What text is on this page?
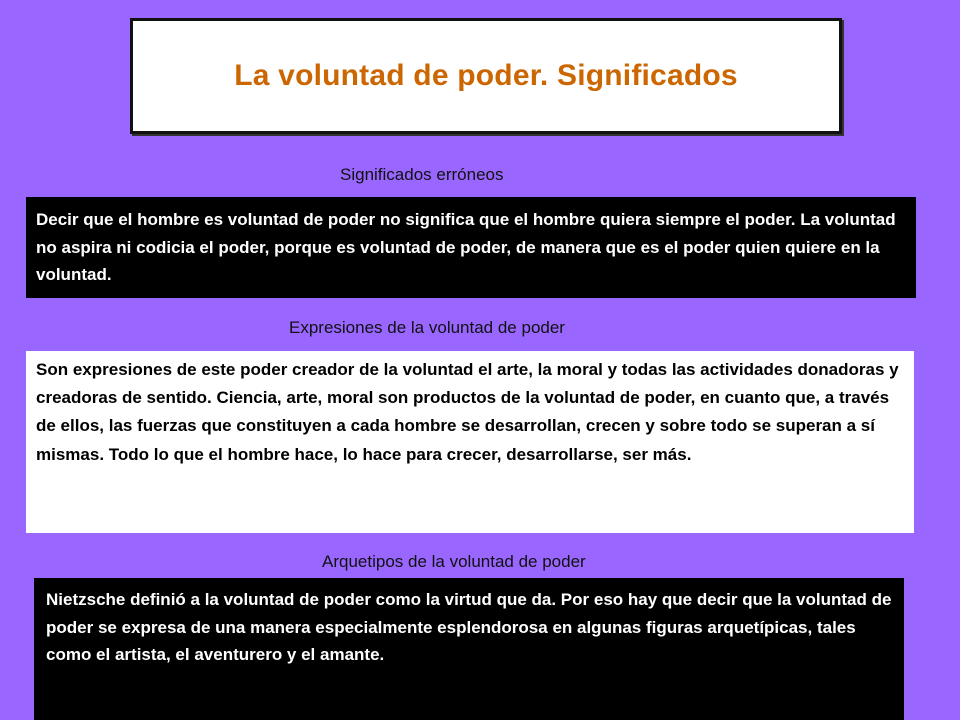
La voluntad de poder. Significados
Significados erróneos
Decir que el hombre es voluntad de poder no significa que el hombre quiera siempre el poder. La voluntad no aspira ni codicia el poder, porque es voluntad de poder, de manera que es el poder quien quiere en la voluntad.
Expresiones de la voluntad de poder
Son expresiones de este poder creador de la voluntad el arte, la moral y todas las actividades donadoras y creadoras de sentido. Ciencia, arte, moral son productos de la voluntad de poder, en cuanto que, a través de ellos, las fuerzas que constituyen a cada hombre se desarrollan, crecen y sobre todo se superan a sí mismas. Todo lo que el hombre hace, lo hace para crecer, desarrollarse, ser más.
Arquetipos de la voluntad de poder
Nietzsche definió a la voluntad de poder como la virtud que da. Por eso hay que decir que la voluntad de poder se expresa de una manera especialmente esplendorosa en algunas figuras arquetípicas, tales como el artista, el aventurero y el amante.
